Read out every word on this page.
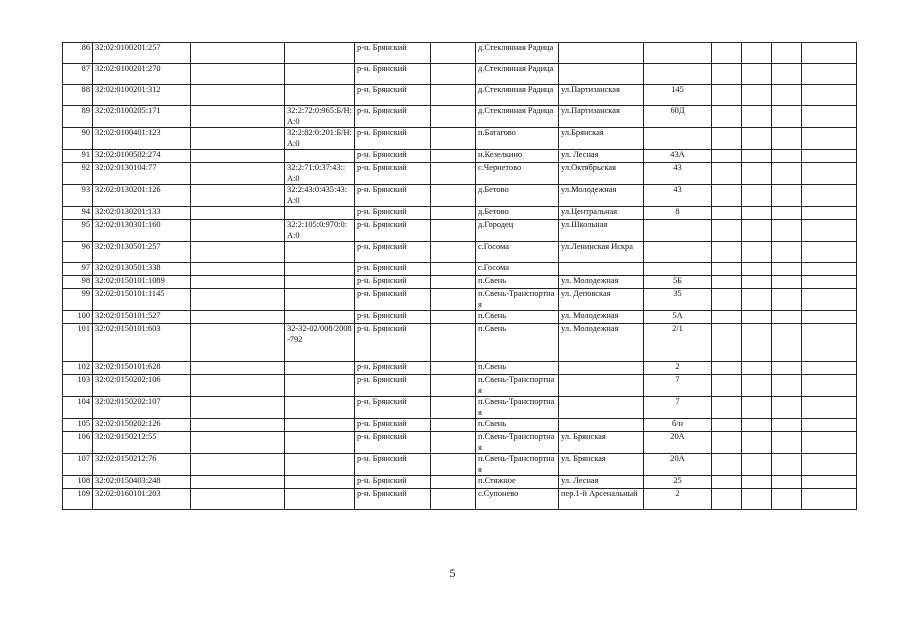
86	32:02:0100201:257			р-н. Брянский		д.Стеклянная Радица						
87	32:02:0100201:270			р-н. Брянский		д.Стеклянная Радица						
88	32:02:0100201:312			р-н. Брянский		д.Стеклянная Радица	ул.Партизанская	145				
89	32:02:0100205:171		32:2:72:0:965:Б/Н:А:0	р-н. Брянский		д.Стеклянная Радица	ул.Партизанская	60Д				
90	32:02:0100401:123		32:2:82:0:201:Б/Н:А:0	р-н. Брянский		п.Батагово	ул.Брянская					
91	32:02:0100502:274			р-н. Брянский		н.Кезелкино	ул. Лесная	43А				
92	32:02:0130104:77		32:2:71:0:37:43::А:0	р-н. Брянский		с.Чернетово	ул.Октябрьская	43				
93	32:02:0130201:126		32:2:43:0:435:43:А:0	р-н. Брянский		д.Бетово	ул.Молодежная	43				
94	32:02:0130201:133			р-н. Брянский		д.Бетово	ул.Центральная	8				
95	32:02:0130301:160		32:2:105:0:970:0:А:0	р-н. Брянский		д.Городец	ул.Школьная					
96	32:02:0130501:257			р-н. Брянский		с.Госома	ул.Ленинская Искра					
97	32:02:0130501:338			р-н. Брянский		с.Госома						
98	32:02:0150101:1089			р-н. Брянский		п.Свень	ул. Молодежная	5Б				
99	32:02:0150101:1145			р-н. Брянский		п.Свень-Транспортная	ул. Деповская	35				
100	32:02:0150101:527			р-н. Брянский		п.Свень	ул. Молодежная	5А				
101	32:02:0150101:603		32-32-02/008/2008-792	р-н. Брянский		п.Свень	ул. Молодежная	2/1				
102	32:02:0150101:628			р-н. Брянский		п.Свень		2				
103	32:02:0150202:106			р-н. Брянский		п.Свень-Транспортная		7				
104	32:02:0150202:107			р-н. Брянский		п.Свень-Транспортная		7				
105	32:02:0150202:126			р-н. Брянский		п.Свень		б/н				
106	32:02:0150212:55			р-н. Брянский		п.Свень-Транспортная	ул. Брянская	20А				
107	32:02:0150212:76			р-н. Брянский		п.Свень-Транспортная	ул. Брянская	20А				
108	32:02:0150403:248			р-н. Брянский		п.Стяжное	ул. Лесная	25				
109	32:02:0160101:203			р-н. Брянский		с.Супонево	пер.1-й Арсенальный	2				
5
